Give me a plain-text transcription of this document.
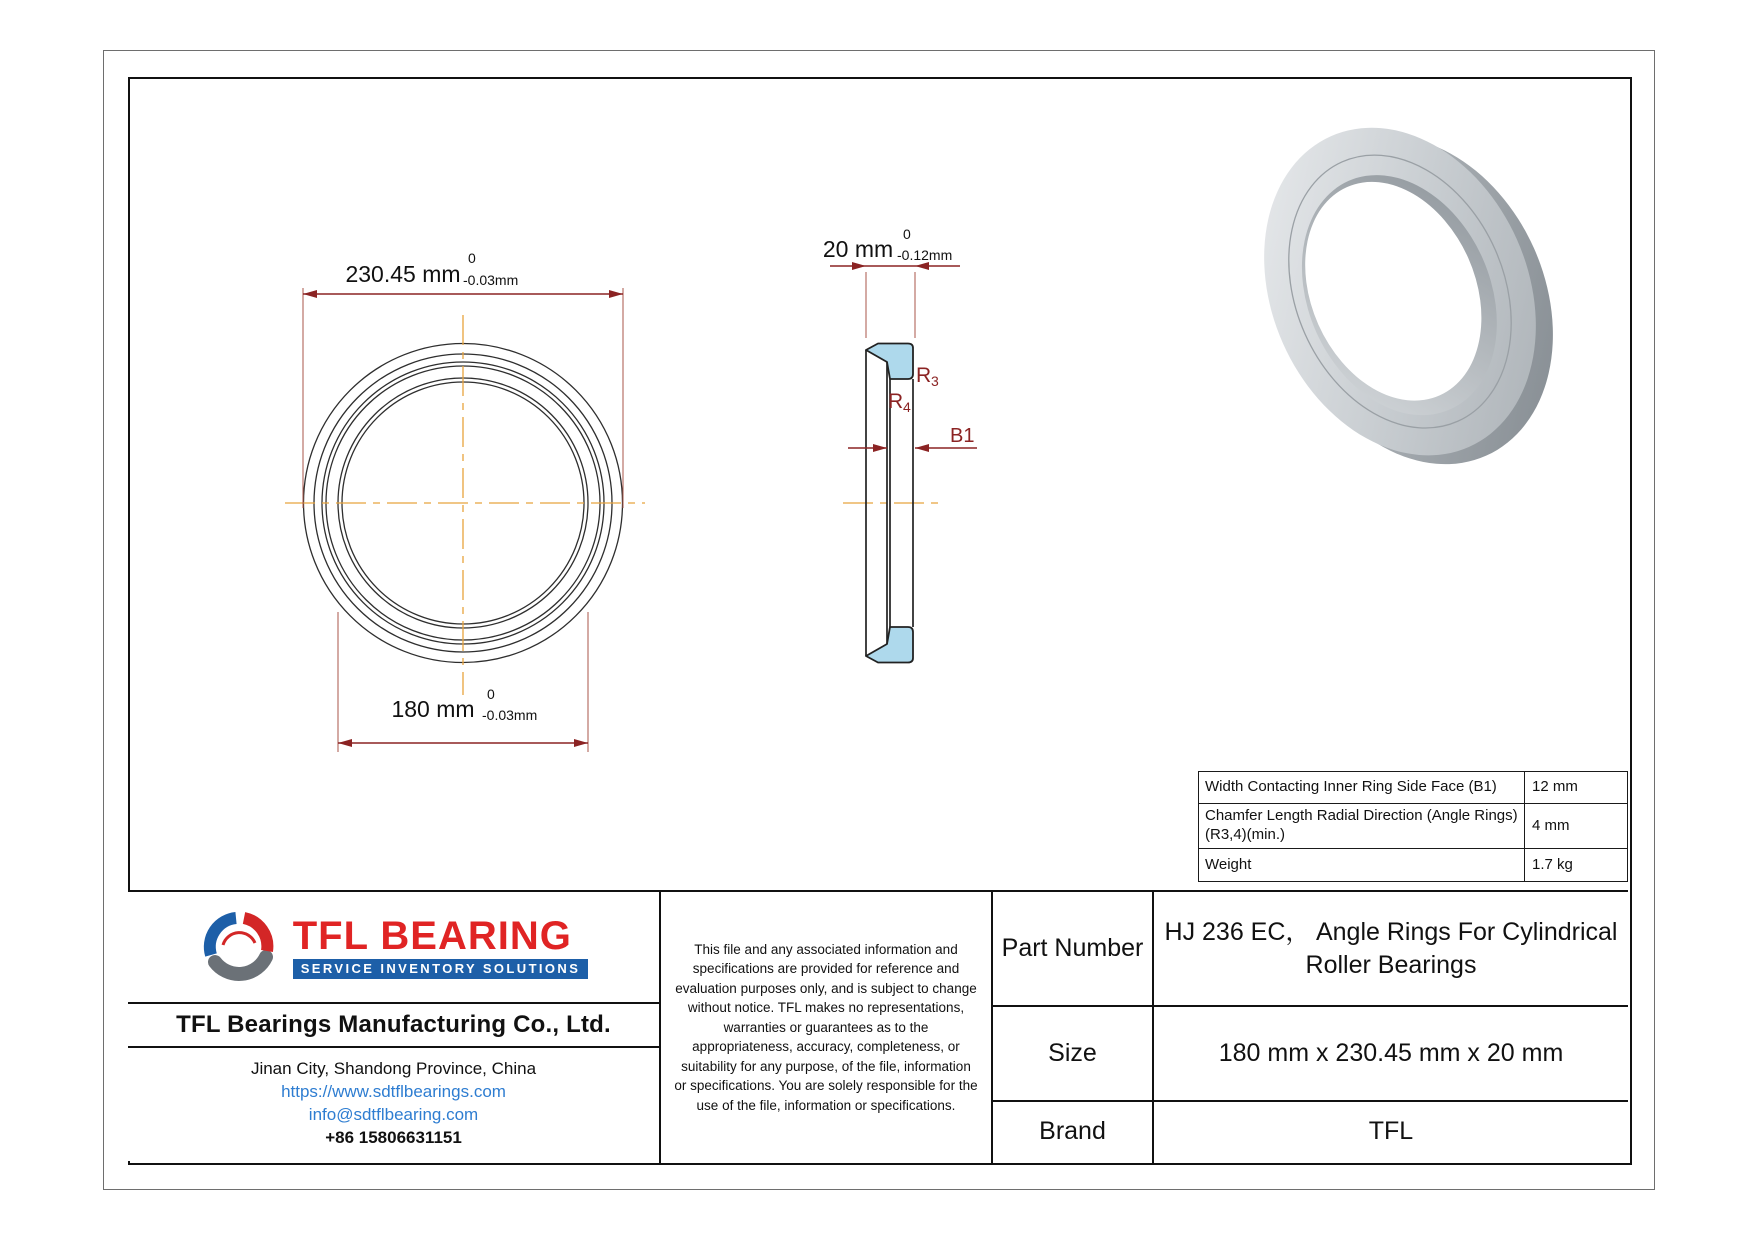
230.45 mm
0
-0.03mm
180 mm
0
-0.03mm
20 mm
0
-0.12mm
B1
R 3
R 4
Width Contacting Inner Ring Side Face (B1)	12 mm
Chamfer Length Radial Direction (Angle Rings)(R3,4)(min.)
4 mm
Weight	1.7 kg
TFL BEARING
SERVICE INVENTORY SOLUTIONS
TFL Bearings Manufacturing Co., Ltd.
Jinan City, Shandong Province, China
https://www.sdtflbearings.com
info@sdtflbearing.com
+86 15806631151
This file and any associated information and specifications are provided for reference and evaluation purposes only, and is subject to change without notice. TFL makes no representations, warranties or guarantees as to the appropriateness, accuracy, completeness, or suitability for any purpose, of the file, information or specifications. You are solely responsible for the use of the file, information or specifications.
Part Number
Size
Brand
HJ 236 EC， Angle Rings For Cylindrical Roller Bearings
180 mm x 230.45 mm x 20 mm
TFL
